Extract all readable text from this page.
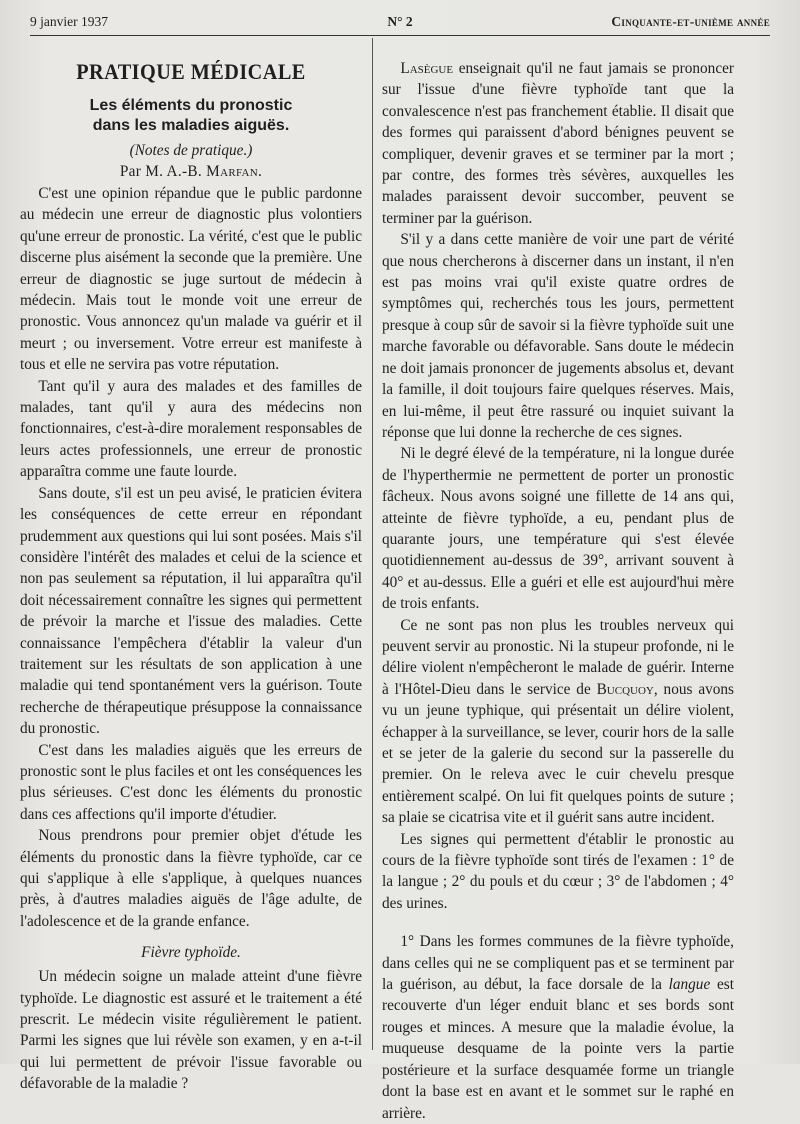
9 janvier 1937	N° 2	Cinquante-et-unième année
PRATIQUE MÉDICALE
Les éléments du pronostic
dans les maladies aiguës.

(Notes de pratique.)

Par M. A.-B. Marfan.

C'est une opinion répandue que le public pardonne au médecin une erreur de diagnostic plus volontiers qu'une erreur de pronostic. La vérité, c'est que le public discerne plus aisément la seconde que la première. Une erreur de diagnostic se juge surtout de médecin à médecin. Mais tout le monde voit une erreur de pronostic. Vous annoncez qu'un malade va guérir et il meurt ; ou inversement. Votre erreur est manifeste à tous et elle ne servira pas votre réputation.

Tant qu'il y aura des malades et des familles de malades, tant qu'il y aura des médecins non fonctionnaires, c'est-à-dire moralement responsables de leurs actes professionnels, une erreur de pronostic apparaîtra comme une faute lourde.

Sans doute, s'il est un peu avisé, le praticien évitera les conséquences de cette erreur en répondant prudemment aux questions qui lui sont posées. Mais s'il considère l'intérêt des malades et celui de la science et non pas seulement sa réputation, il lui apparaîtra qu'il doit nécessairement connaître les signes qui permettent de prévoir la marche et l'issue des maladies. Cette connaissance l'empêchera d'établir la valeur d'un traitement sur les résultats de son application à une maladie qui tend spontanément vers la guérison. Toute recherche de thérapeutique présuppose la connaissance du pronostic.

C'est dans les maladies aiguës que les erreurs de pronostic sont le plus faciles et ont les conséquences les plus sérieuses. C'est donc les éléments du pronostic dans ces affections qu'il importe d'étudier.

Nous prendrons pour premier objet d'étude les éléments du pronostic dans la fièvre typhoïde, car ce qui s'applique à elle s'applique, à quelques nuances près, à d'autres maladies aiguës de l'âge adulte, de l'adolescence et de la grande enfance.

Fièvre typhoïde.

Un médecin soigne un malade atteint d'une fièvre typhoïde. Le diagnostic est assuré et le traitement a été prescrit. Le médecin visite régulièrement le patient. Parmi les signes que lui révèle son examen, y en a-t-il qui lui permettent de prévoir l'issue favorable ou défavorable de la maladie ?

Lasègue enseignait qu'il ne faut jamais se prononcer sur l'issue d'une fièvre typhoïde tant que la convalescence n'est pas franchement établie. Il disait que des formes qui paraissent d'abord bénignes peuvent se compliquer, devenir graves et se terminer par la mort ; par contre, des formes très sévères, auxquelles les malades paraissent devoir succomber, peuvent se terminer par la guérison.

S'il y a dans cette manière de voir une part de vérité que nous chercherons à discerner dans un instant, il n'en est pas moins vrai qu'il existe quatre ordres de symptômes qui, recherchés tous les jours, permettent presque à coup sûr de savoir si la fièvre typhoïde suit une marche favorable ou défavorable. Sans doute le médecin ne doit jamais prononcer de jugements absolus et, devant la famille, il doit toujours faire quelques réserves. Mais, en lui-même, il peut être rassuré ou inquiet suivant la réponse que lui donne la recherche de ces signes.

Ni le degré élevé de la température, ni la longue durée de l'hyperthermie ne permettent de porter un pronostic fâcheux. Nous avons soigné une fillette de 14 ans qui, atteinte de fièvre typhoïde, a eu, pendant plus de quarante jours, une température qui s'est élevée quotidiennement au-dessus de 39°, arrivant souvent à 40° et au-dessus. Elle a guéri et elle est aujourd'hui mère de trois enfants.

Ce ne sont pas non plus les troubles nerveux qui peuvent servir au pronostic. Ni la stupeur profonde, ni le délire violent n'empêcheront le malade de guérir. Interne à l'Hôtel-Dieu dans le service de Bucquoy, nous avons vu un jeune typhique, qui présentait un délire violent, échapper à la surveillance, se lever, courir hors de la salle et se jeter de la galerie du second sur la passerelle du premier. On le releva avec le cuir chevelu presque entièrement scalpé. On lui fit quelques points de suture ; sa plaie se cicatrisa vite et il guérit sans autre incident.

Les signes qui permettent d'établir le pronostic au cours de la fièvre typhoïde sont tirés de l'examen : 1° de la langue ; 2° du pouls et du cœur ; 3° de l'abdomen ; 4° des urines.

1° Dans les formes communes de la fièvre typhoïde, dans celles qui ne se compliquent pas et se terminent par la guérison, au début, la face dorsale de la langue est recouverte d'un léger enduit blanc et ses bords sont rouges et minces. A mesure que la maladie évolue, la muqueuse desquame de la pointe vers la partie postérieure et la surface desquamée forme un triangle dont la base est en avant et le sommet sur le raphé en arrière.
